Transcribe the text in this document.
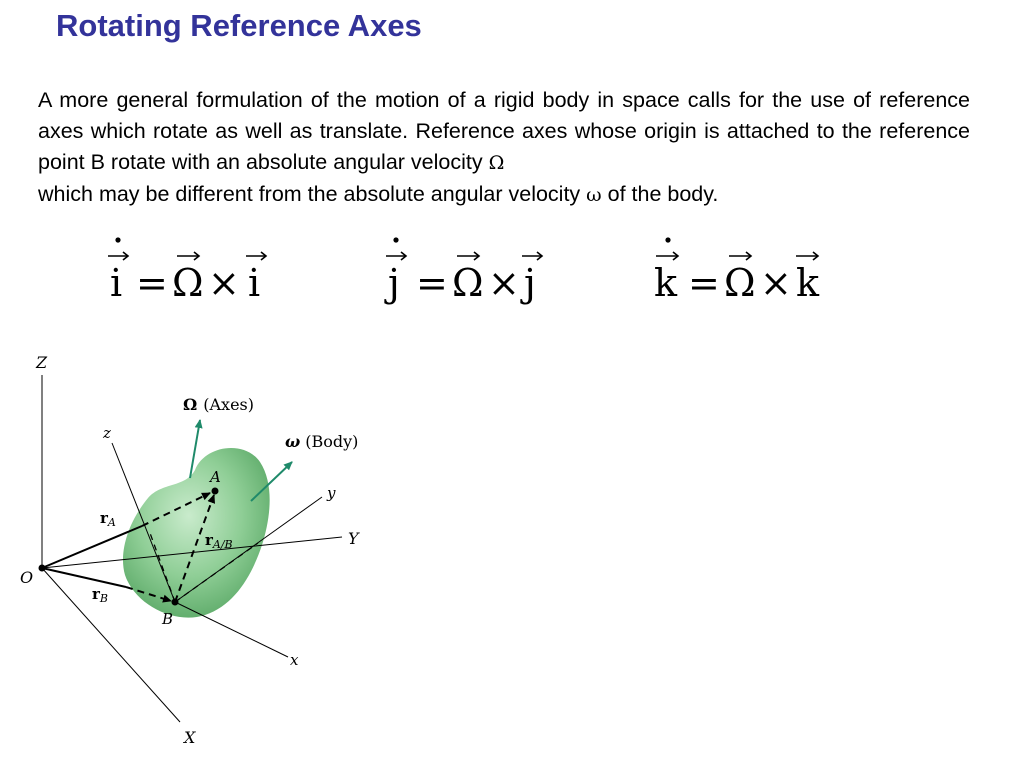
Rotating Reference Axes

A more general formulation of the motion of a rigid body in space calls for the use of reference axes which rotate as well as translate. Reference axes whose origin is attached to the reference point B rotate with an absolute angular velocity Ω
which may be different from the absolute angular velocity ω of the body.

i = Ω × i	j = Ω × j	k = Ω × k
Z
Y
X
O
z
y
x
A
B
$r_A$
$r_B$
$r_{A/B}$
Ω (Axes)
ω (Body)
